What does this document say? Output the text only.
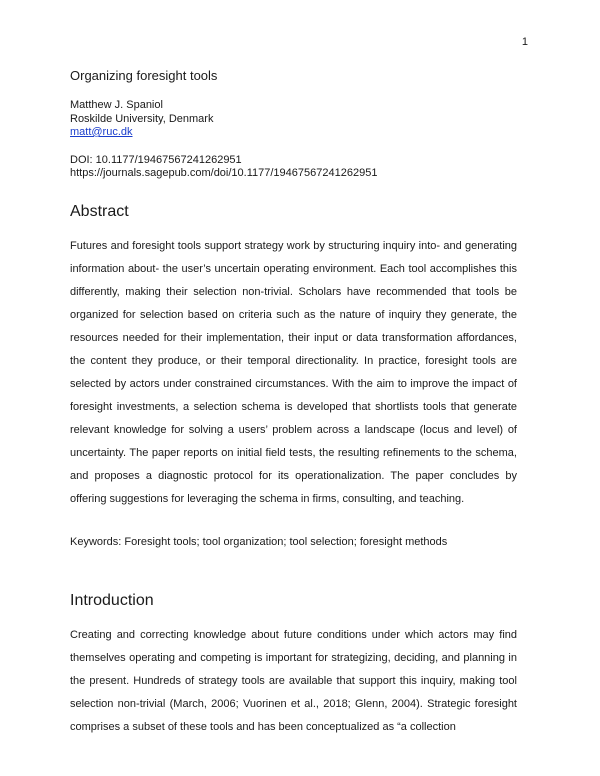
1
Organizing foresight tools
Matthew J. Spaniol
Roskilde University, Denmark
matt@ruc.dk
DOI: 10.1177/19467567241262951
https://journals.sagepub.com/doi/10.1177/19467567241262951
Abstract

Futures and foresight tools support strategy work by structuring inquiry into- and generating information about- the user’s uncertain operating environment. Each tool accomplishes this differently, making their selection non-trivial. Scholars have recommended that tools be organized for selection based on criteria such as the nature of inquiry they generate, the resources needed for their implementation, their input or data transformation affordances, the content they produce, or their temporal directionality. In practice, foresight tools are selected by actors under constrained circumstances. With the aim to improve the impact of foresight investments, a selection schema is developed that shortlists tools that generate relevant knowledge for solving a users’ problem across a landscape (locus and level) of uncertainty. The paper reports on initial field tests, the resulting refinements to the schema, and proposes a diagnostic protocol for its operationalization. The paper concludes by offering suggestions for leveraging the schema in firms, consulting, and teaching.

Keywords: Foresight tools; tool organization; tool selection; foresight methods

Introduction

Creating and correcting knowledge about future conditions under which actors may find themselves operating and competing is important for strategizing, deciding, and planning in the present. Hundreds of strategy tools are available that support this inquiry, making tool selection non-trivial (March, 2006; Vuorinen et al., 2018; Glenn, 2004). Strategic foresight comprises a subset of these tools and has been conceptualized as “a collection
